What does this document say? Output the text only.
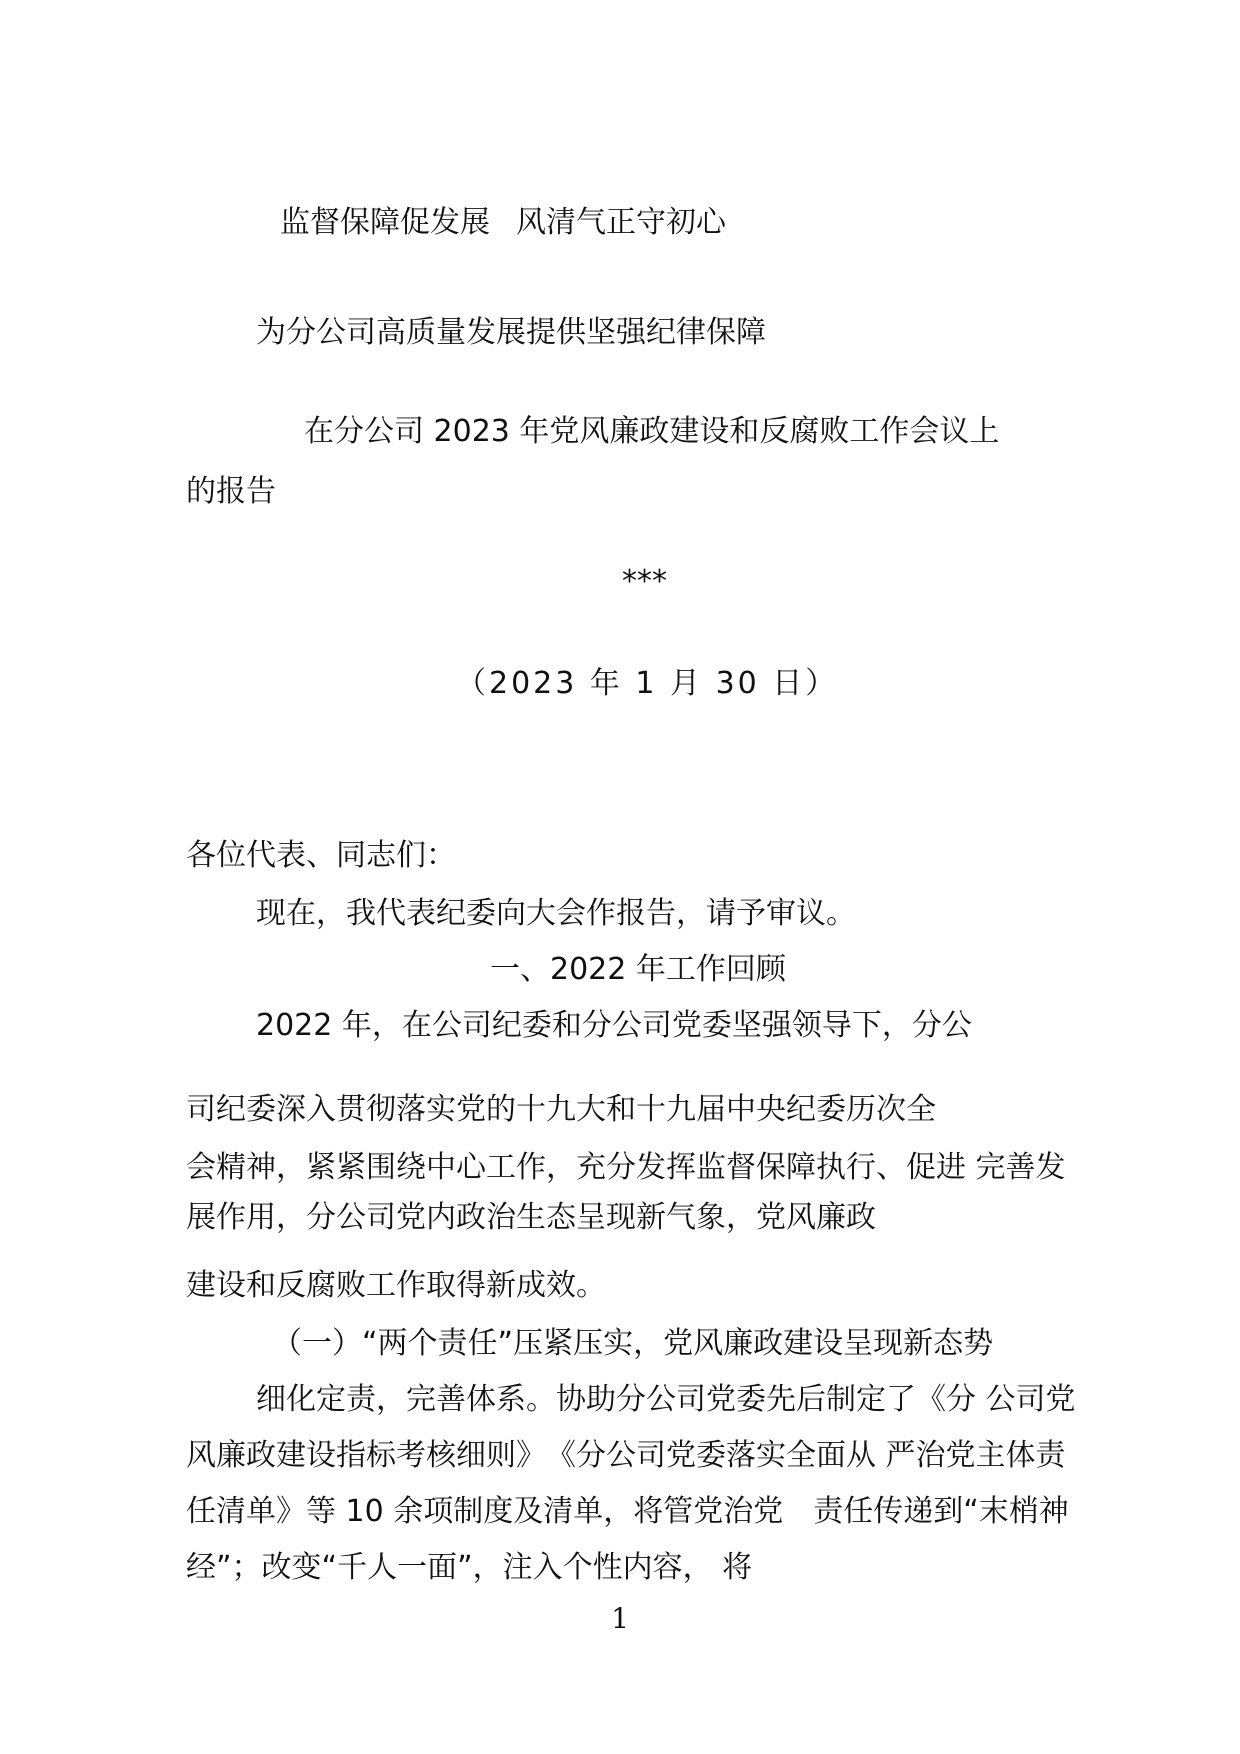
监督保障促发展 风清气正守初心

为分公司高质量发展提供坚强纪律保障

在分公司 2023 年党风廉政建设和反腐败工作会议上

的报告

***

（2023 年 1 月 30 日）

各位代表、同志们：

现在，我代表纪委向大会作报告，请予审议。

一、2022 年工作回顾

2022 年，在公司纪委和分公司党委坚强领导下，分公

司纪委深入贯彻落实党的十九大和十九届中央纪委历次全

会精神，紧紧围绕中心工作，充分发挥监督保障执行、促进 完善发

展作用，分公司党内政治生态呈现新气象，党风廉政

建设和反腐败工作取得新成效。

（一）“两个责任”压紧压实，党风廉政建设呈现新态势

细化定责，完善体系。协助分公司党委先后制定了《分 公司党

风廉政建设指标考核细则》　《分公司党委落实全面从 严治党主体责

任清单》等 10 余项制度及清单，将管党治党　责任传递到“末梢神

经”；改变“千人一面”，注入个性内容， 将

1
